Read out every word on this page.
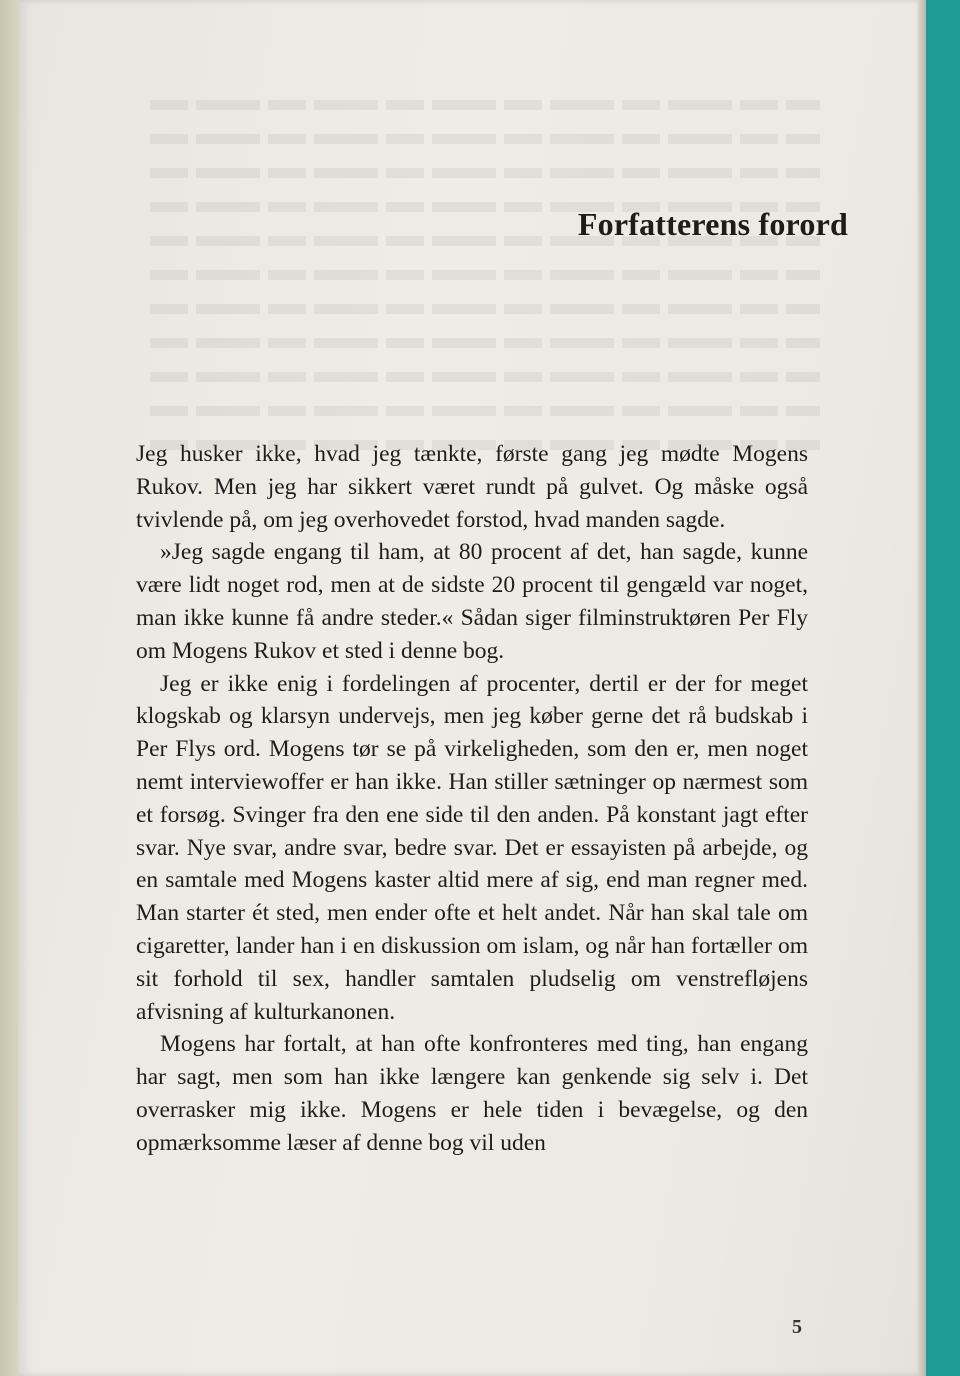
Forfatterens forord

Jeg husker ikke, hvad jeg tænkte, første gang jeg mødte Mogens Rukov. Men jeg har sikkert været rundt på gulvet. Og måske også tvivlende på, om jeg overhovedet forstod, hvad manden sagde.

»Jeg sagde engang til ham, at 80 procent af det, han sagde, kunne være lidt noget rod, men at de sidste 20 procent til gengæld var noget, man ikke kunne få andre steder.« Sådan siger filminstruktøren Per Fly om Mogens Rukov et sted i denne bog.

Jeg er ikke enig i fordelingen af procenter, dertil er der for meget klogskab og klarsyn undervejs, men jeg køber gerne det rå budskab i Per Flys ord. Mogens tør se på virkeligheden, som den er, men noget nemt interviewoffer er han ikke. Han stiller sætninger op nærmest som et forsøg. Svinger fra den ene side til den anden. På konstant jagt efter svar. Nye svar, andre svar, bedre svar. Det er essayisten på arbejde, og en samtale med Mogens kaster altid mere af sig, end man regner med. Man starter ét sted, men ender ofte et helt andet. Når han skal tale om cigaretter, lander han i en diskussion om islam, og når han fortæller om sit forhold til sex, handler samtalen pludselig om venstrefløjens afvisning af kulturkanonen.

Mogens har fortalt, at han ofte konfronteres med ting, han engang har sagt, men som han ikke længere kan genkende sig selv i. Det overrasker mig ikke. Mogens er hele tiden i bevægelse, og den opmærksomme læser af denne bog vil uden

5
